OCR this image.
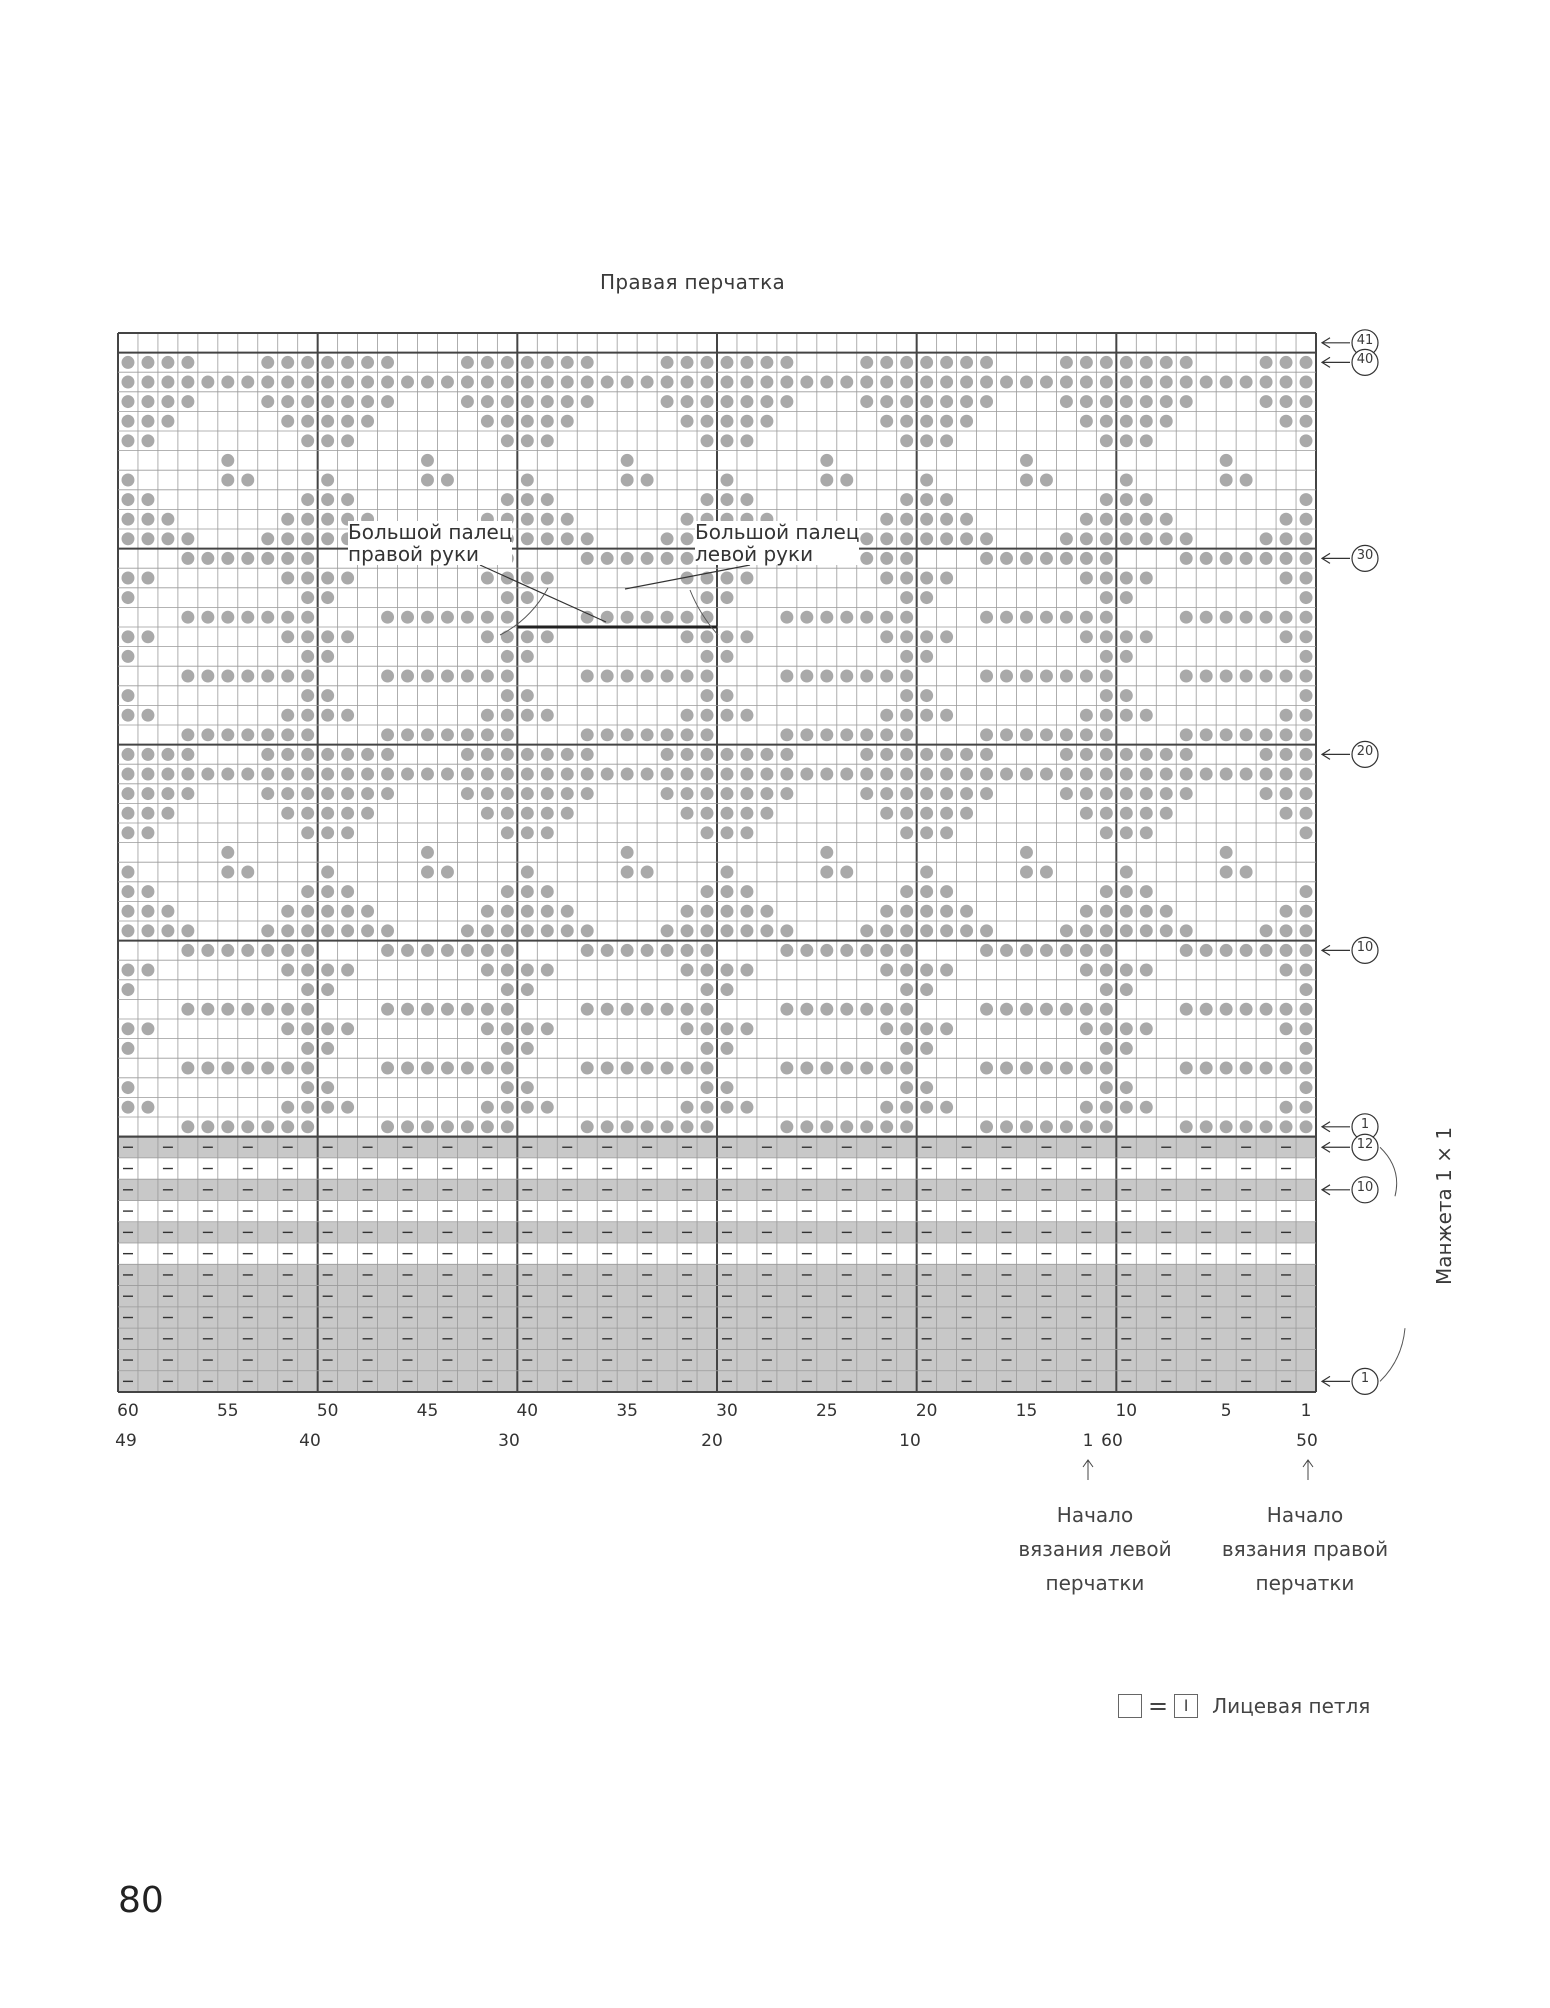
Правая перчатка
Большой палец
правой руки
Большой палец
левой руки
41
40
30
20
10
1
12
10
1
Манжета 1 × 1
60	55	50	45	40	35	30	25	20	15	10	5	1
49	40	30	20	10	1 60	50
Начало
вязания левой
перчатки
Начало
вязания правой
перчатки
= I Лицевая петля
80
